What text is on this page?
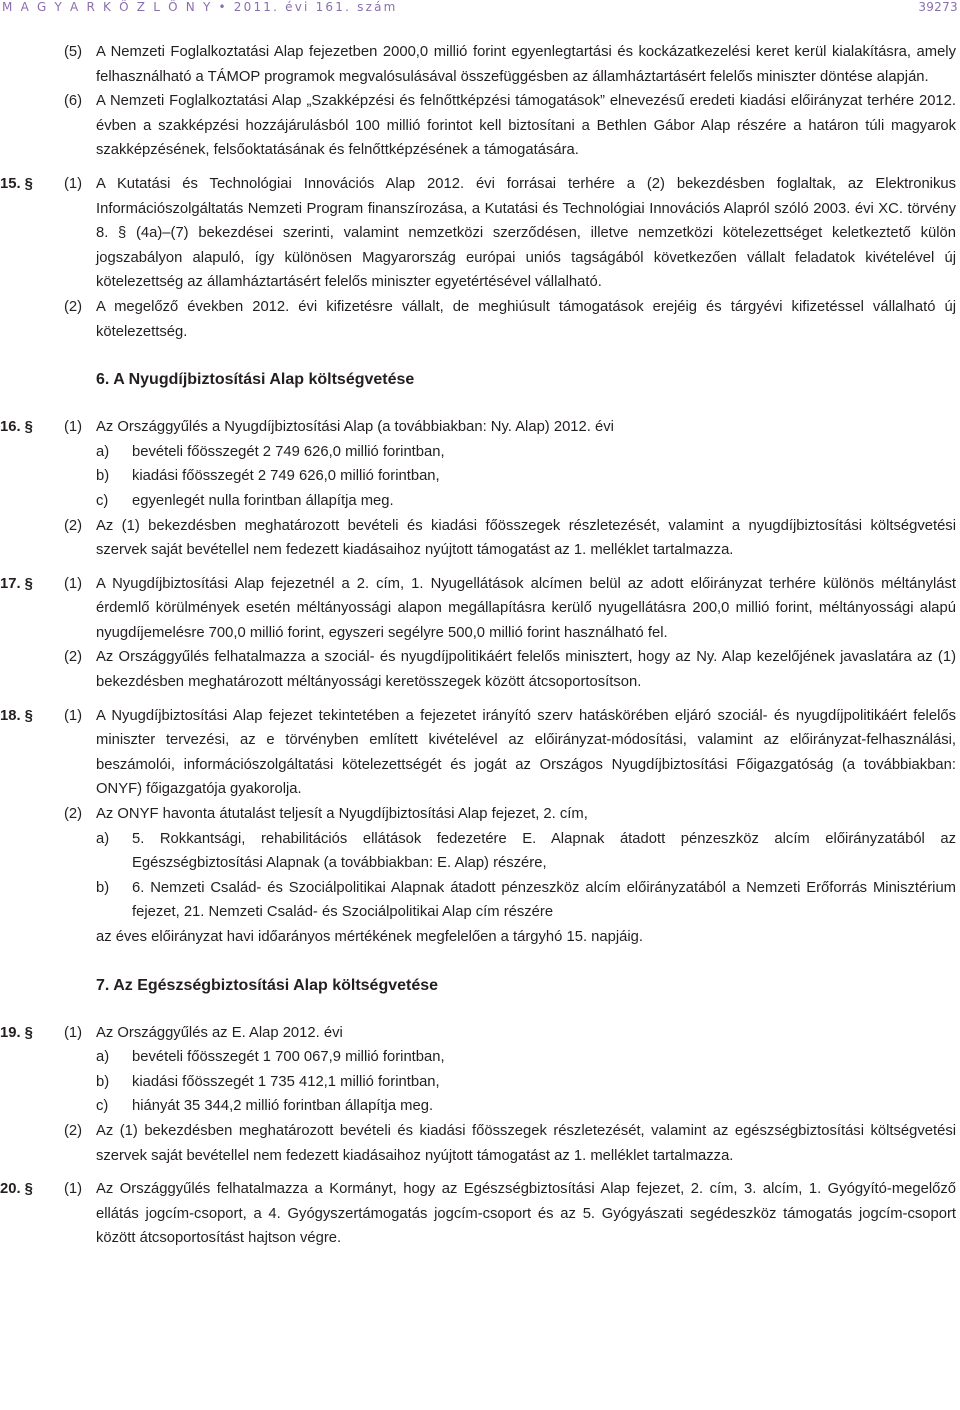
M A G Y A R K Ö Z L Ö N Y • 2011. évi 161. szám	39273
(5) A Nemzeti Foglalkoztatási Alap fejezetben 2000,0 millió forint egyenlegtartási és kockázatkezelési keret kerül kialakításra, amely felhasználható a TÁMOP programok megvalósulásával összefüggésben az államháztartásért felelős miniszter döntése alapján.
(6) A Nemzeti Foglalkoztatási Alap „Szakképzési és felnőttképzési támogatások” elnevezésű eredeti kiadási előirányzat terhére 2012. évben a szakképzési hozzájárulásból 100 millió forintot kell biztosítani a Bethlen Gábor Alap részére a határon túli magyarok szakképzésének, felsőoktatásának és felnőttképzésének a támogatására.
15. §	(1) A Kutatási és Technológiai Innovációs Alap 2012. évi forrásai terhére a (2) bekezdésben foglaltak, az Elektronikus Információszolgáltatás Nemzeti Program finanszírozása, a Kutatási és Technológiai Innovációs Alapról szóló 2003. évi XC. törvény 8. § (4a)–(7) bekezdései szerinti, valamint nemzetközi szerződésen, illetve nemzetközi kötelezettséget keletkeztető külön jogszabályon alapuló, így különösen Magyarország európai uniós tagságából következően vállalt feladatok kivételével új kötelezettség az államháztartásért felelős miniszter egyetértésével vállalható.
(2) A megelőző években 2012. évi kifizetésre vállalt, de meghiúsult támogatások erejéig és tárgyévi kifizetéssel vállalható új kötelezettség.
6. A Nyugdíjbiztosítási Alap költségvetése
16. §	(1) Az Országgyűlés a Nyugdíjbiztosítási Alap (a továbbiakban: Ny. Alap) 2012. évi
a)	bevételi főösszegét 2 749 626,0 millió forintban,
b)	kiadási főösszegét 2 749 626,0 millió forintban,
c)	egyenlegét nulla forintban állapítja meg.
(2) Az (1) bekezdésben meghatározott bevételi és kiadási főösszegek részletezését, valamint a nyugdíjbiztosítási költségvetési szervek saját bevétellel nem fedezett kiadásaihoz nyújtott támogatást az 1. melléklet tartalmazza.
17. §	(1) A Nyugdíjbiztosítási Alap fejezetnél a 2. cím, 1. Nyugellátások alcímen belül az adott előirányzat terhére különös méltánylást érdemlő körülmények esetén méltányossági alapon megállapításra kerülő nyugellátásra 200,0 millió forint, méltányossági alapú nyugdíjemelésre 700,0 millió forint, egyszeri segélyre 500,0 millió forint használható fel.
(2) Az Országgyűlés felhatalmazza a szociál- és nyugdíjpolitikáért felelős minisztert, hogy az Ny. Alap kezelőjének javaslatára az (1) bekezdésben meghatározott méltányossági keretösszegek között átcsoportosítson.
18. §	(1) A Nyugdíjbiztosítási Alap fejezet tekintetében a fejezetet irányító szerv hatáskörében eljáró szociál- és nyugdíjpolitikáért felelős miniszter tervezési, az e törvényben említett kivételével az előirányzat-módosítási, valamint az előirányzat-felhasználási, beszámolói, információszolgáltatási kötelezettségét és jogát az Országos Nyugdíjbiztosítási Főigazgatóság (a továbbiakban: ONYF) főigazgatója gyakorolja.
(2) Az ONYF havonta átutalást teljesít a Nyugdíjbiztosítási Alap fejezet, 2. cím,
a)	5. Rokkantsági, rehabilitációs ellátások fedezetére E. Alapnak átadott pénzeszköz alcím előirányzatából az Egészségbiztosítási Alapnak (a továbbiakban: E. Alap) részére,
b)	6. Nemzeti Család- és Szociálpolitikai Alapnak átadott pénzeszköz alcím előirányzatából a Nemzeti Erőforrás Minisztérium fejezet, 21. Nemzeti Család- és Szociálpolitikai Alap cím részére
az éves előirányzat havi időarányos mértékének megfelelően a tárgyhó 15. napjáig.
7. Az Egészségbiztosítási Alap költségvetése
19. §	(1) Az Országgyűlés az E. Alap 2012. évi
a)	bevételi főösszegét 1 700 067,9 millió forintban,
b)	kiadási főösszegét 1 735 412,1 millió forintban,
c)	hiányát 35 344,2 millió forintban állapítja meg.
(2) Az (1) bekezdésben meghatározott bevételi és kiadási főösszegek részletezését, valamint az egészségbiztosítási költségvetési szervek saját bevétellel nem fedezett kiadásaihoz nyújtott támogatást az 1. melléklet tartalmazza.
20. §	(1) Az Országgyűlés felhatalmazza a Kormányt, hogy az Egészségbiztosítási Alap fejezet, 2. cím, 3. alcím, 1. Gyógyító-megelőző ellátás jogcím-csoport, a 4. Gyógyszertámogatás jogcím-csoport és az 5. Gyógyászati segédeszköz támogatás jogcím-csoport között átcsoportosítást hajtson végre.
